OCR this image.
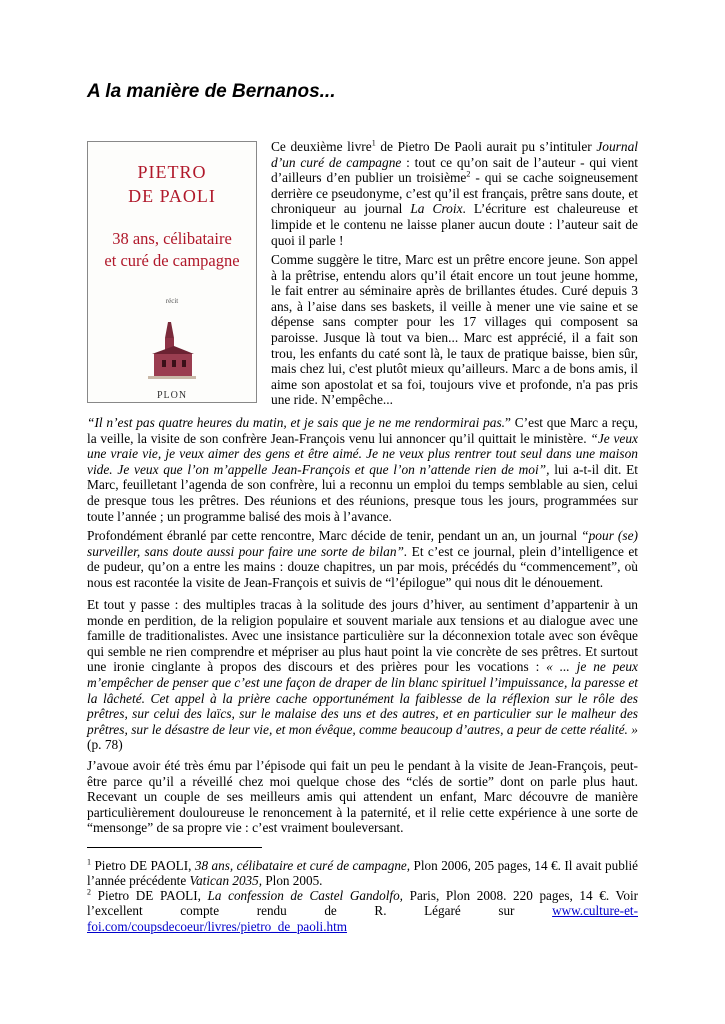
A la manière de Bernanos...
PIETRO
DE PAOLI
38 ans, célibataire
et curé de campagne
récit
PLON

Ce deuxième livre$^1$ de Pietro De Paoli aurait pu s’intituler Journal d’un curé de campagne : tout ce qu’on sait de l’auteur - qui vient d’ailleurs d’en publier un troisième$^2$ - qui se cache soigneusement derrière ce pseudonyme, c’est qu’il est français, prêtre sans doute, et chroniqueur au journal La Croix. L’écriture est chaleureuse et limpide et le contenu ne laisse planer aucun doute : l’auteur sait de quoi il parle !

Comme suggère le titre, Marc est un prêtre encore jeune. Son appel à la prêtrise, entendu alors qu’il était encore un tout jeune homme, le fait entrer au séminaire après de brillantes études. Curé depuis 3 ans, à l’aise dans ses baskets, il veille à mener une vie saine et se dépense sans compter pour les 17 villages qui composent sa paroisse. Jusque là tout va bien... Marc est apprécié, il a fait son trou, les enfants du caté sont là, le taux de pratique baisse, bien sûr, mais chez lui, c'est plutôt mieux qu’ailleurs. Marc a de bons amis, il aime son apostolat et sa foi, toujours vive et profonde, n'a pas pris une ride. N’empêche...

“Il n’est pas quatre heures du matin, et je sais que je ne me rendormirai pas.” C’est que Marc a reçu, la veille, la visite de son confrère Jean-François venu lui annoncer qu’il quittait le ministère. “Je veux une vraie vie, je veux aimer des gens et être aimé. Je ne veux plus rentrer tout seul dans une maison vide. Je veux que l’on m’appelle Jean-François et que l’on n’attende rien de moi”, lui a-t-il dit. Et Marc, feuilletant l’agenda de son confrère, lui a reconnu un emploi du temps semblable au sien, celui de presque tous les prêtres. Des réunions et des réunions, presque tous les jours, programmées sur toute l’année ; un programme balisé des mois à l’avance.

Profondément ébranlé par cette rencontre, Marc décide de tenir, pendant un an, un journal “pour (se) surveiller, sans doute aussi pour faire une sorte de bilan”. Et c’est ce journal, plein d’intelligence et de pudeur, qu’on a entre les mains : douze chapitres, un par mois, précédés du “commencement”, où nous est racontée la visite de Jean-François et suivis de “l’épilogue” qui nous dit le dénouement.

Et tout y passe : des multiples tracas à la solitude des jours d’hiver, au sentiment d’appartenir à un monde en perdition, de la religion populaire et souvent mariale aux tensions et au dialogue avec une famille de traditionalistes. Avec une insistance particulière sur la déconnexion totale avec son évêque qui semble ne rien comprendre et mépriser au plus haut point la vie concrète de ses prêtres. Et surtout une ironie cinglante à propos des discours et des prières pour les vocations : « ... je ne peux m’empêcher de penser que c’est une façon de draper de lin blanc spirituel l’impuissance, la paresse et la lâcheté. Cet appel à la prière cache opportunément la faiblesse de la réflexion sur le rôle des prêtres, sur celui des laïcs, sur le malaise des uns et des autres, et en particulier sur le malheur des prêtres, sur le désastre de leur vie, et mon évêque, comme beaucoup d’autres, a peur de cette réalité. » (p. 78)

J’avoue avoir été très ému par l’épisode qui fait un peu le pendant à la visite de Jean-François, peut-être parce qu’il a réveillé chez moi quelque chose des “clés de sortie” dont on parle plus haut. Recevant un couple de ses meilleurs amis qui attendent un enfant, Marc découvre de manière particulièrement douloureuse le renoncement à la paternité, et il relie cette expérience à une sorte de “mensonge” de sa propre vie : c’est vraiment bouleversant.

$^1$ Pietro DE PAOLI, 38 ans, célibataire et curé de campagne, Plon 2006, 205 pages, 14 €. Il avait publié l’année précédente Vatican 2035, Plon 2005.
$^2$ Pietro DE PAOLI, La confession de Castel Gandolfo, Paris, Plon 2008. 220 pages, 14 €. Voir l’excellent compte rendu de R. Légaré sur www.culture-et-foi.com/coupsdecoeur/livres/pietro_de_paoli.htm
